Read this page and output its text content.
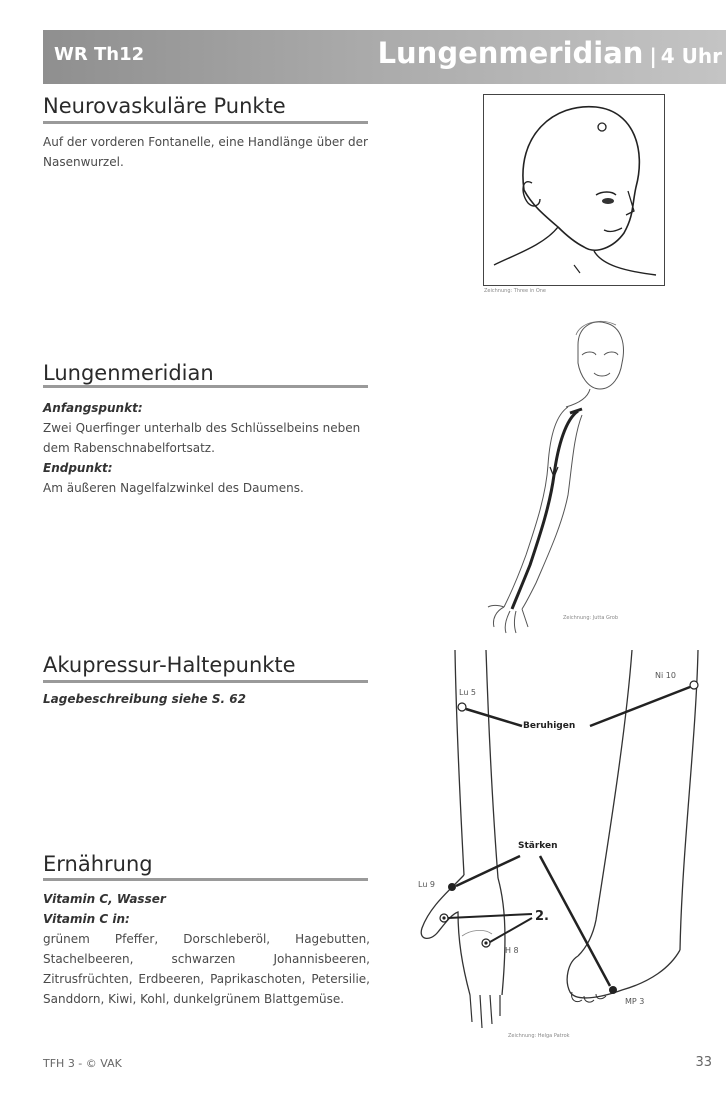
WR Th12	Lungenmeridian | 4 Uhr
Neurovaskuläre Punkte
Auf der vorderen Fontanelle, eine Handlänge über der Nasenwurzel.
Zeichnung: Three in One
Lungenmeridian
Anfangspunkt:
Zwei Querfinger unterhalb des Schlüsselbeins neben dem Rabenschnabelfortsatz.
Endpunkt:
Am äußeren Nagelfalzwinkel des Daumens.
Zeichnung: Jutta Grob
Akupressur-Haltepunkte
Lagebeschreibung siehe S. 62
Ernährung
Vitamin C, Wasser
Vitamin C in:
grünem Pfeffer, Dorschleberöl, Hagebutten, Stachelbeeren, schwarzen Johannisbeeren, Zitrusfrüchten, Erdbeeren, Paprikaschoten, Petersilie, Sanddorn, Kiwi, Kohl, dunkelgrünem Blattgemüse.
Lu 5
Ni 10
Beruhigen
Stärken
Lu 9
2.
H 8
MP 3
Zeichnung: Helga Patrok
TFH 3 - © VAK	33
